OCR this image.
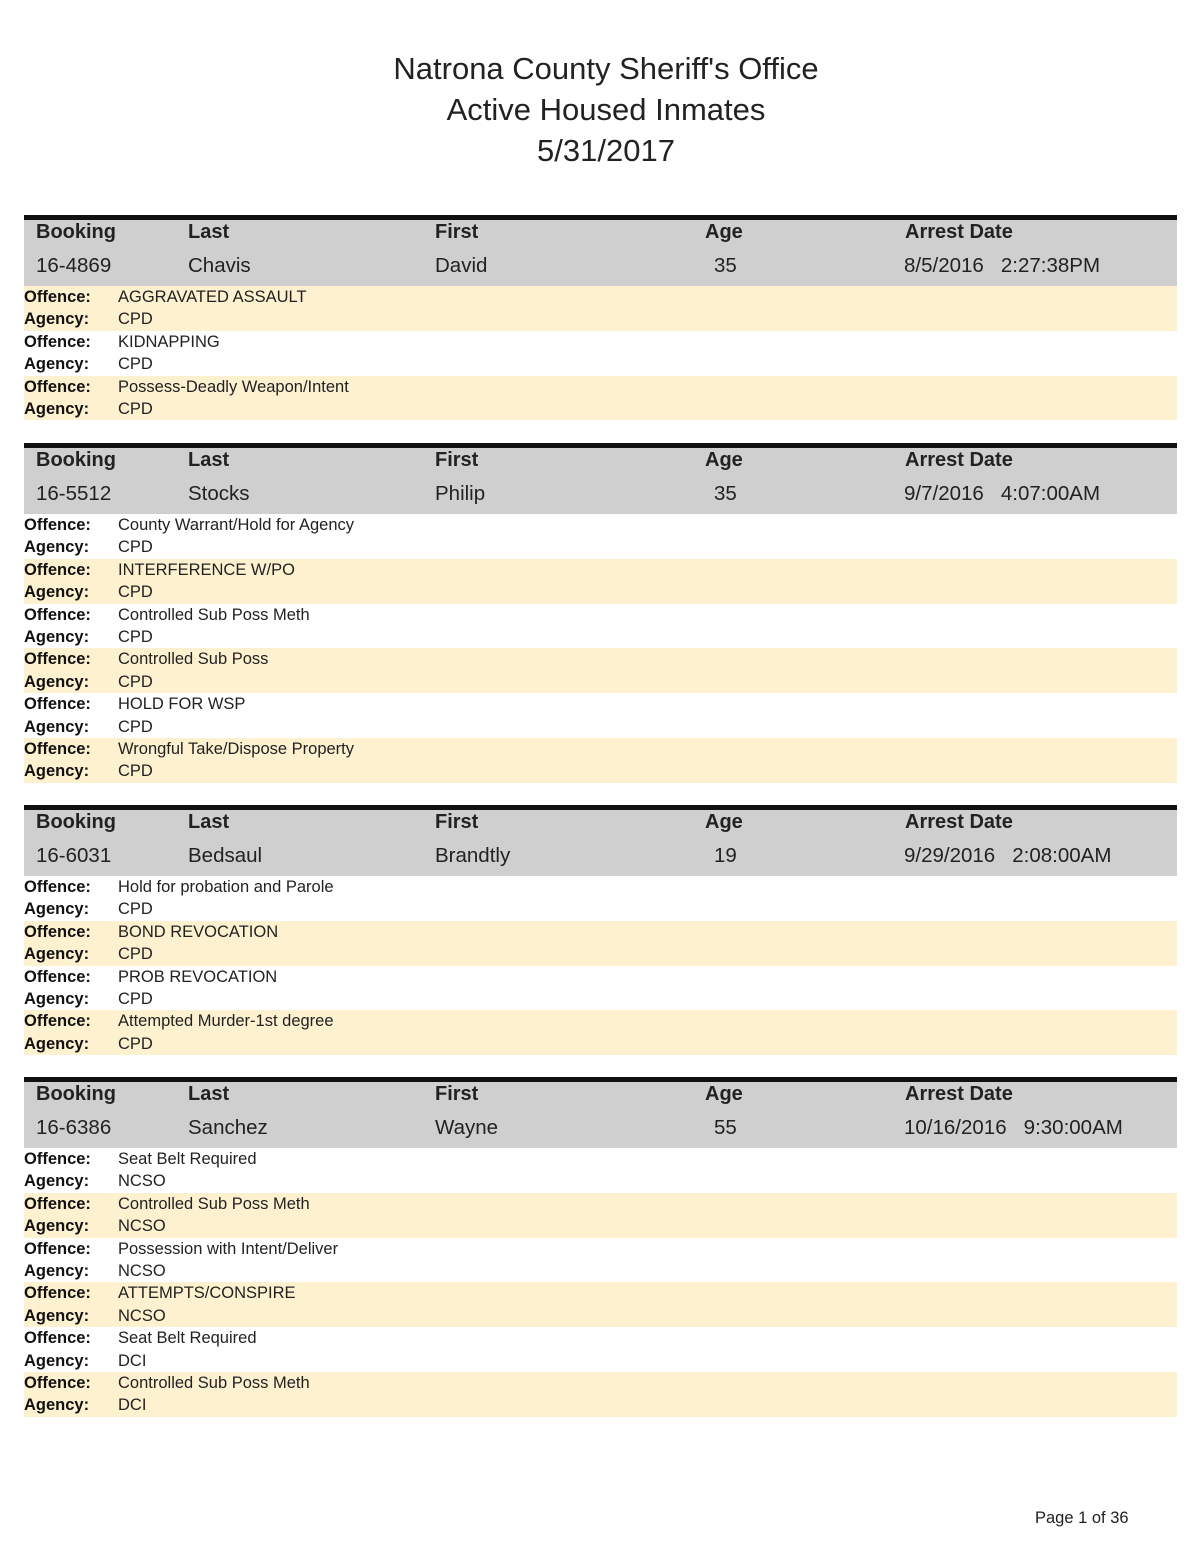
Natrona County Sheriff's Office
Active Housed Inmates
5/31/2017
Booking	Last	First	Age	Arrest Date
16-4869	Chavis	David	35	8/5/2016   2:27:38PM
Offence: AGGRAVATED ASSAULT
Agency: CPD
Offence: KIDNAPPING
Agency: CPD
Offence: Possess-Deadly Weapon/Intent
Agency: CPD
Booking	Last	First	Age	Arrest Date
16-5512	Stocks	Philip	35	9/7/2016   4:07:00AM
Offence: County Warrant/Hold for Agency
Agency: CPD
Offence: INTERFERENCE W/PO
Agency: CPD
Offence: Controlled Sub Poss Meth
Agency: CPD
Offence: Controlled Sub Poss
Agency: CPD
Offence: HOLD FOR WSP
Agency: CPD
Offence: Wrongful Take/Dispose Property
Agency: CPD
Booking	Last	First	Age	Arrest Date
16-6031	Bedsaul	Brandtly	19	9/29/2016   2:08:00AM
Offence: Hold for probation and Parole
Agency: CPD
Offence: BOND REVOCATION
Agency: CPD
Offence: PROB REVOCATION
Agency: CPD
Offence: Attempted Murder-1st degree
Agency: CPD
Booking	Last	First	Age	Arrest Date
16-6386	Sanchez	Wayne	55	10/16/2016   9:30:00AM
Offence: Seat Belt Required
Agency: NCSO
Offence: Controlled Sub Poss Meth
Agency: NCSO
Offence: Possession with Intent/Deliver
Agency: NCSO
Offence: ATTEMPTS/CONSPIRE
Agency: NCSO
Offence: Seat Belt Required
Agency: DCI
Offence: Controlled Sub Poss Meth
Agency: DCI
Page 1 of 36
